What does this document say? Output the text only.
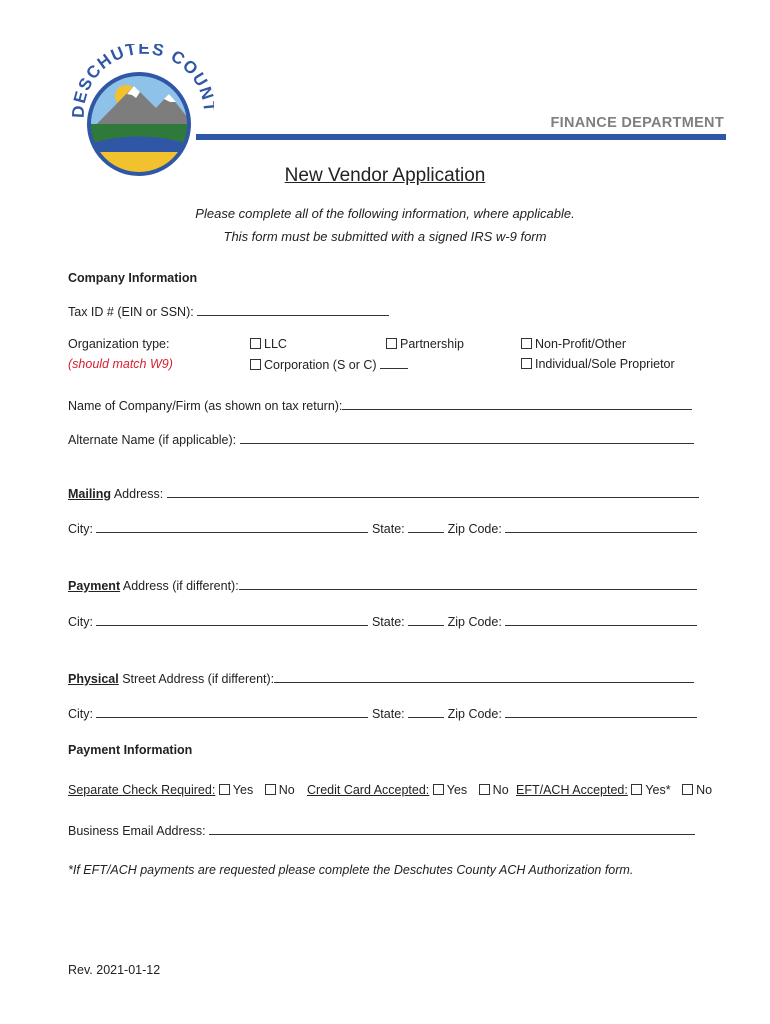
DESCHUTES COU
FINANCE DEPARTMENT
New Vendor Application
Please complete all of the following information, where applicable.
This form must be submitted with a signed IRS w-9 form
Company Information
Tax ID # (EIN or SSN):
Organization type:
(should match W9)
LLC	Partnership	Non-Profit/Other
Corporation (S or C)	Individual/Sole Proprietor
Name of Company/Firm (as shown on tax return):
Alternate Name (if applicable):
Mailing Address:
City:	State:	Zip Code:
Payment Address (if different):
City:	State:	Zip Code:
Physical Street Address (if different):
City:	State:	Zip Code:
Payment Information
Separate Check Required: Yes No Credit Card Accepted: Yes No EFT/ACH Accepted: Yes* No
Business Email Address:
*If EFT/ACH payments are requested please complete the Deschutes County ACH Authorization form.
Rev. 2021-01-12
